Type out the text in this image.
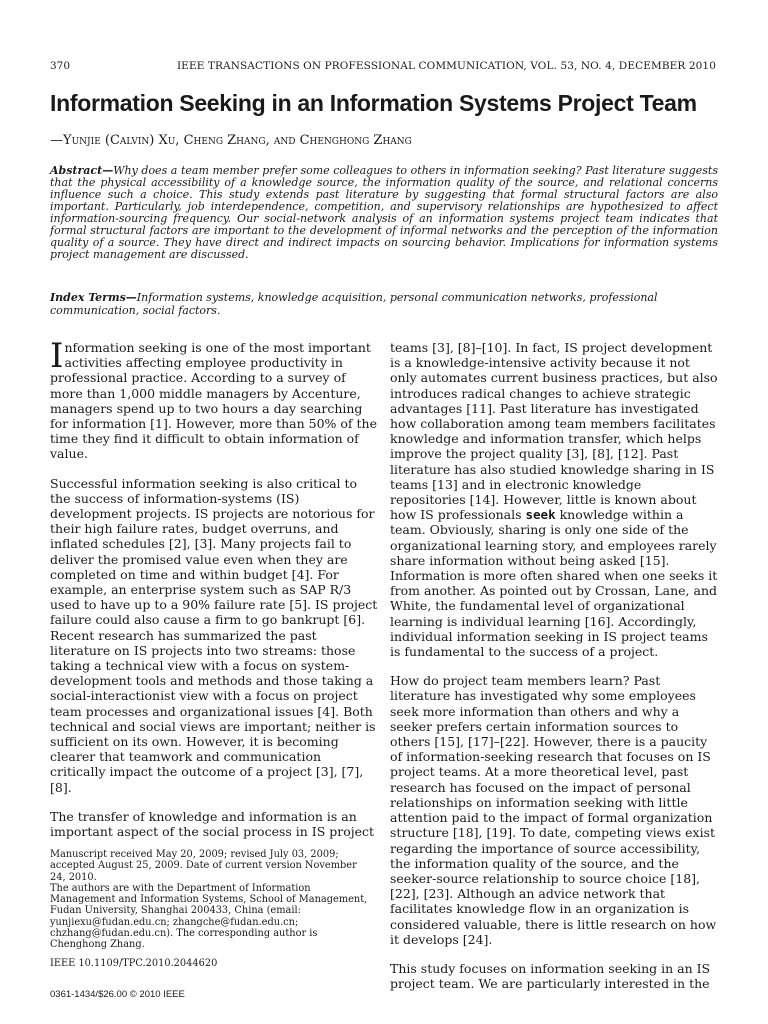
370	IEEE TRANSACTIONS ON PROFESSIONAL COMMUNICATION, VOL. 53, NO. 4, DECEMBER 2010
Information Seeking in an Information Systems Project Team
—Yunjie (Calvin) Xu, Cheng Zhang, and Chenghong Zhang
Abstract—Why does a team member prefer some colleagues to others in information seeking? Past literature suggests that the physical accessibility of a knowledge source, the information quality of the source, and relational concerns influence such a choice. This study extends past literature by suggesting that formal structural factors are also important. Particularly, job interdependence, competition, and supervisory relationships are hypothesized to affect information-sourcing frequency. Our social-network analysis of an information systems project team indicates that formal structural factors are important to the development of informal networks and the perception of the information quality of a source. They have direct and indirect impacts on sourcing behavior. Implications for information systems project management are discussed.
Index Terms—Information systems, knowledge acquisition, personal communication networks, professional communication, social factors.

Information seeking is one of the most important activities affecting employee productivity in professional practice. According to a survey of more than 1,000 middle managers by Accenture, managers spend up to two hours a day searching for information [1]. However, more than 50% of the time they find it difficult to obtain information of value.

Successful information seeking is also critical to the success of information-systems (IS) development projects. IS projects are notorious for their high failure rates, budget overruns, and inflated schedules [2], [3]. Many projects fail to deliver the promised value even when they are completed on time and within budget [4]. For example, an enterprise system such as SAP R/3 used to have up to a 90% failure rate [5]. IS project failure could also cause a firm to go bankrupt [6]. Recent research has summarized the past literature on IS projects into two streams: those taking a technical view with a focus on system-development tools and methods and those taking a social-interactionist view with a focus on project team processes and organizational issues [4]. Both technical and social views are important; neither is sufficient on its own. However, it is becoming clearer that teamwork and communication critically impact the outcome of a project [3], [7], [8].

The transfer of knowledge and information is an important aspect of the social process in IS project

Manuscript received May 20, 2009; revised July 03, 2009; accepted August 25, 2009. Date of current version November 24, 2010.
The authors are with the Department of Information Management and Information Systems, School of Management, Fudan University, Shanghai 200433, China (email: yunjiexu@fudan.edu.cn; zhangche@fudan.edu.cn; chzhang@fudan.edu.cn). The corresponding author is Chenghong Zhang.
IEEE 10.1109/TPC.2010.2044620
0361-1434/$26.00 © 2010 IEEE

teams [3], [8]–[10]. In fact, IS project development is a knowledge-intensive activity because it not only automates current business practices, but also introduces radical changes to achieve strategic advantages [11]. Past literature has investigated how collaboration among team members facilitates knowledge and information transfer, which helps improve the project quality [3], [8], [12]. Past literature has also studied knowledge sharing in IS teams [13] and in electronic knowledge repositories [14]. However, little is known about how IS professionals seek knowledge within a team. Obviously, sharing is only one side of the organizational learning story, and employees rarely share information without being asked [15]. Information is more often shared when one seeks it from another. As pointed out by Crossan, Lane, and White, the fundamental level of organizational learning is individual learning [16]. Accordingly, individual information seeking in IS project teams is fundamental to the success of a project.

How do project team members learn? Past literature has investigated why some employees seek more information than others and why a seeker prefers certain information sources to others [15], [17]–[22]. However, there is a paucity of information-seeking research that focuses on IS project teams. At a more theoretical level, past research has focused on the impact of personal relationships on information seeking with little attention paid to the impact of formal organization structure [18], [19]. To date, competing views exist regarding the importance of source accessibility, the information quality of the source, and the seeker-source relationship to source choice [18], [22], [23]. Although an advice network that facilitates knowledge flow in an organization is considered valuable, there is little research on how it develops [24].

This study focuses on information seeking in an IS project team. We are particularly interested in the
